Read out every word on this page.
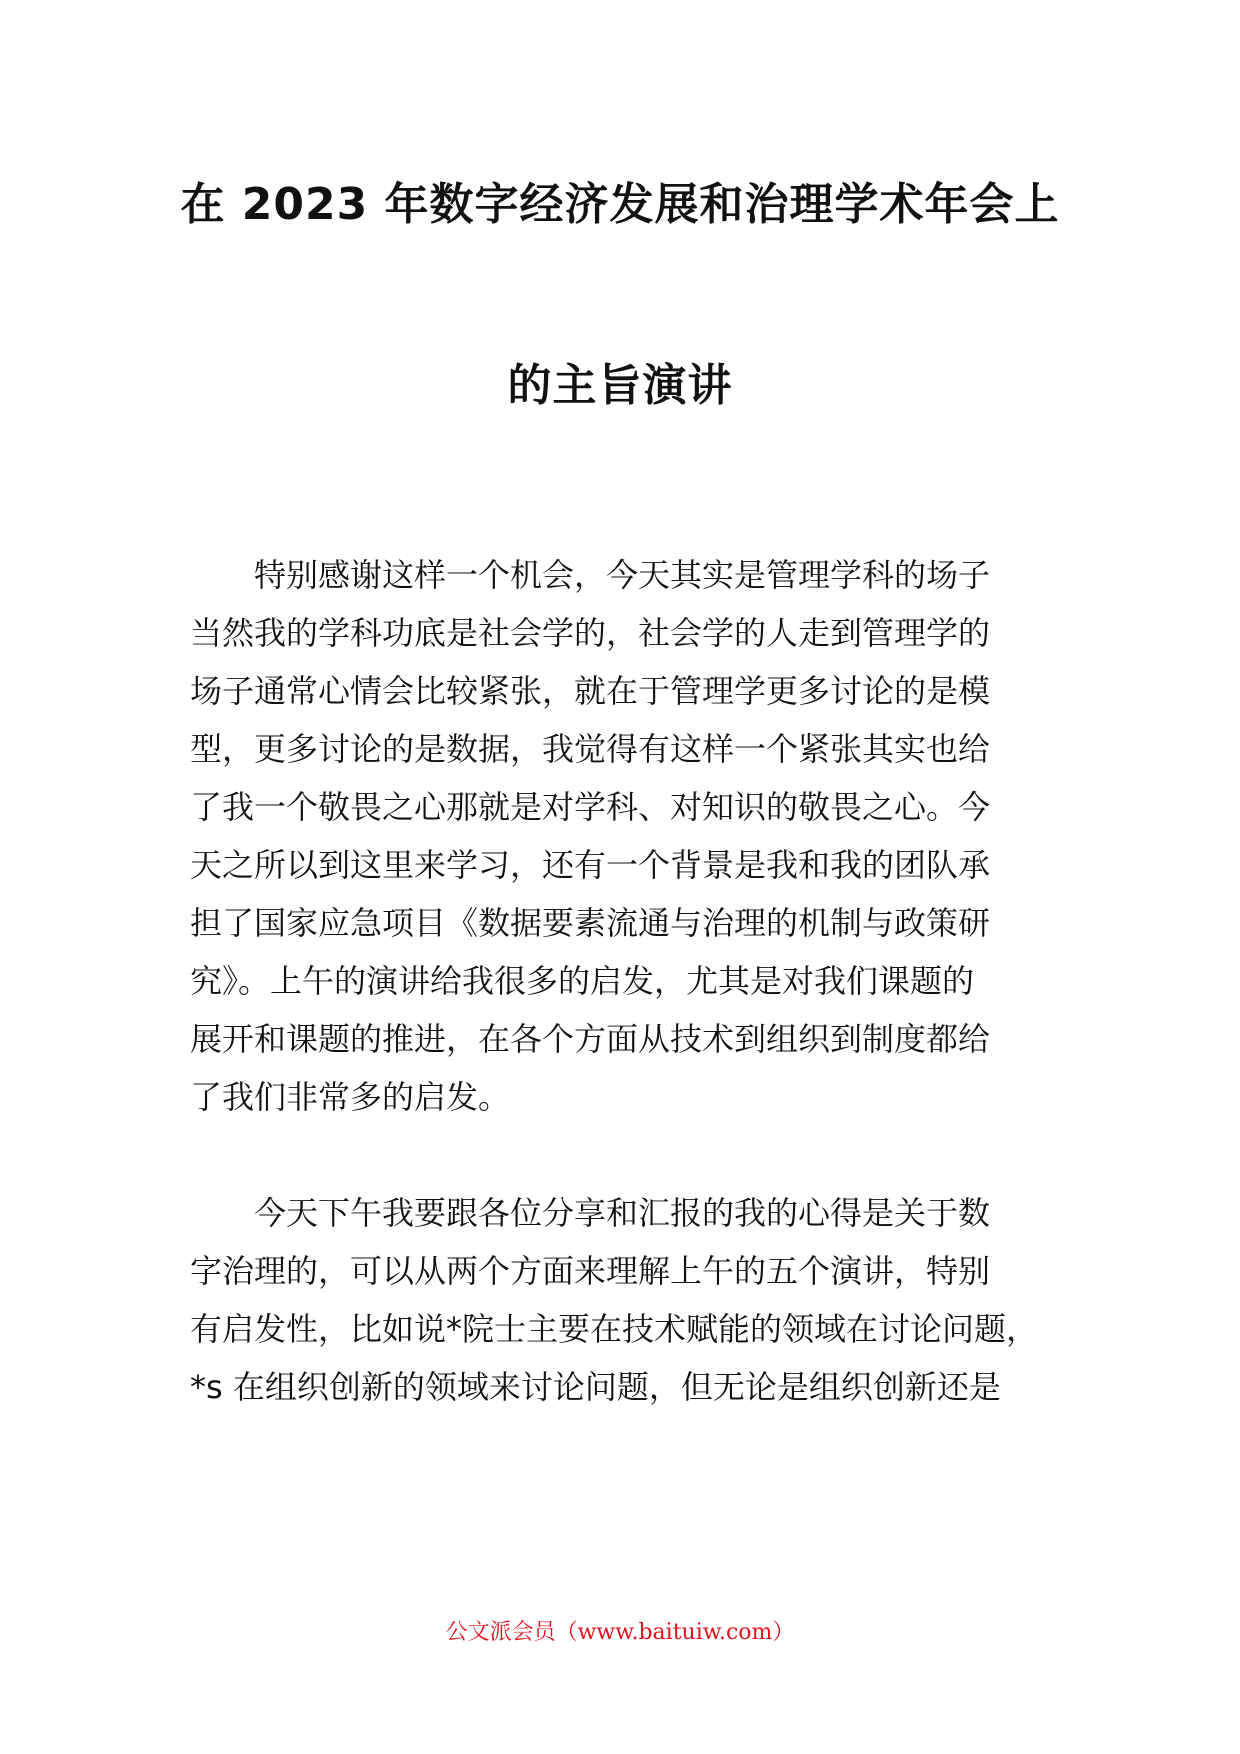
在 2023 年数字经济发展和治理学术年会上
的主旨演讲
　　特别感谢这样一个机会，今天其实是管理学科的场子
当然我的学科功底是社会学的，社会学的人走到管理学的
场子通常心情会比较紧张，就在于管理学更多讨论的是模
型，更多讨论的是数据，我觉得有这样一个紧张其实也给
了我一个敬畏之心那就是对学科、对知识的敬畏之心。今
天之所以到这里来学习，还有一个背景是我和我的团队承
担了国家应急项目《数据要素流通与治理的机制与政策研
究》。上午的演讲给我很多的启发，尤其是对我们课题的
展开和课题的推进，在各个方面从技术到组织到制度都给
了我们非常多的启发。
　　今天下午我要跟各位分享和汇报的我的心得是关于数
字治理的，可以从两个方面来理解上午的五个演讲，特别
有启发性，比如说*院士主要在技术赋能的领域在讨论问题，
*s 在组织创新的领域来讨论问题，但无论是组织创新还是
公文派会员（www.baituiw.com）
